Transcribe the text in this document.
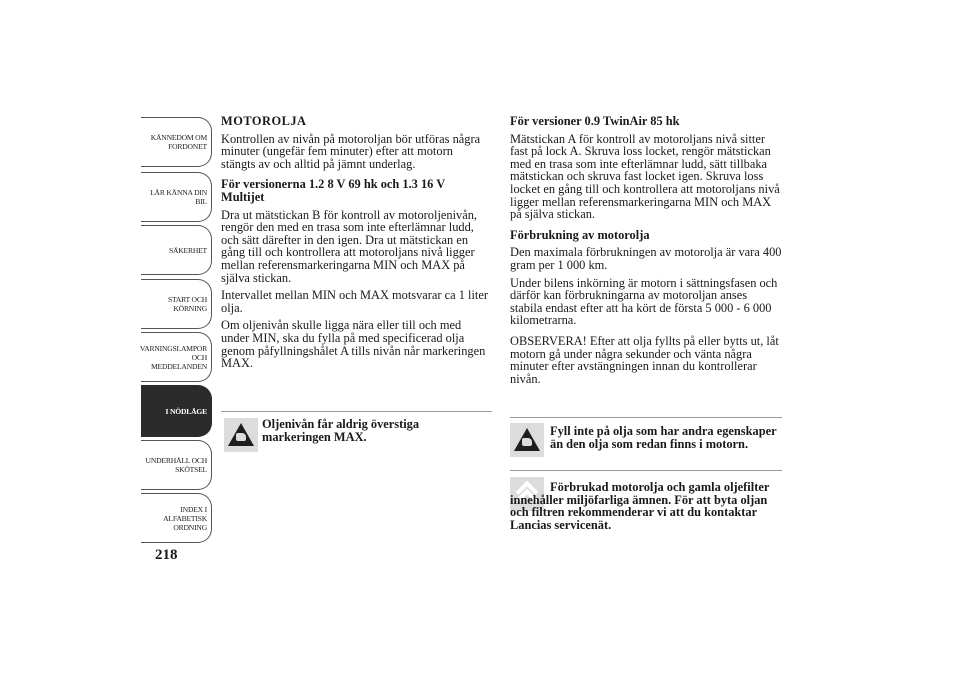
KÄNNEDOM OM FORDONET
LÄR KÄNNA DIN BIL
SÄKERHET
START OCH KÖRNING
VARNINGSLAMPOR OCH MEDDELANDEN
I NÖDLÄGE
UNDERHÅLL OCH SKÖTSEL
INDEX I ALFABETISK ORDNING
218
MOTOROLJA

Kontrollen av nivån på motoroljan bör utföras några minuter (ungefär fem minuter) efter att motorn stängts av och alltid på jämnt underlag.

För versionerna 1.2 8 V 69 hk och 1.3 16 V Multijet

Dra ut mätstickan B för kontroll av motoroljenivån, rengör den med en trasa som inte efterlämnar ludd, och sätt därefter in den igen. Dra ut mätstickan en gång till och kontrollera att motoroljans nivå ligger mellan referensmarkeringarna MIN och MAX på själva stickan.

Intervallet mellan MIN och MAX motsvarar ca 1 liter olja.

Om oljenivån skulle ligga nära eller till och med under MIN, ska du fylla på med specificerad olja genom påfyllningshålet A tills nivån når markeringen MAX.

Oljenivån får aldrig överstiga markeringen MAX.
För versioner 0.9 TwinAir 85 hk

Mätstickan A för kontroll av motoroljans nivå sitter fast på lock A. Skruva loss locket, rengör mätstickan med en trasa som inte efterlämnar ludd, sätt tillbaka mätstickan och skruva fast locket igen. Skruva loss locket en gång till och kontrollera att motoroljans nivå ligger mellan referensmarkeringarna MIN och MAX på själva stickan.

Förbrukning av motorolja

Den maximala förbrukningen av motorolja är vara 400 gram per 1 000 km.

Under bilens inkörning är motorn i sättningsfasen och därför kan förbrukningarna av motoroljan anses stabila endast efter att ha kört de första 5 000 - 6 000 kilometrarna.

OBSERVERA! Efter att olja fyllts på eller bytts ut, låt motorn gå under några sekunder och vänta några minuter efter avstängningen innan du kontrollerar nivån.

Fyll inte på olja som har andra egenskaper än den olja som redan finns i motorn.
Förbrukad motorolja och gamla oljefilter innehåller miljöfarliga ämnen. För att byta oljan och filtren rekommenderar vi att du kontaktar Lancias servicenät.
